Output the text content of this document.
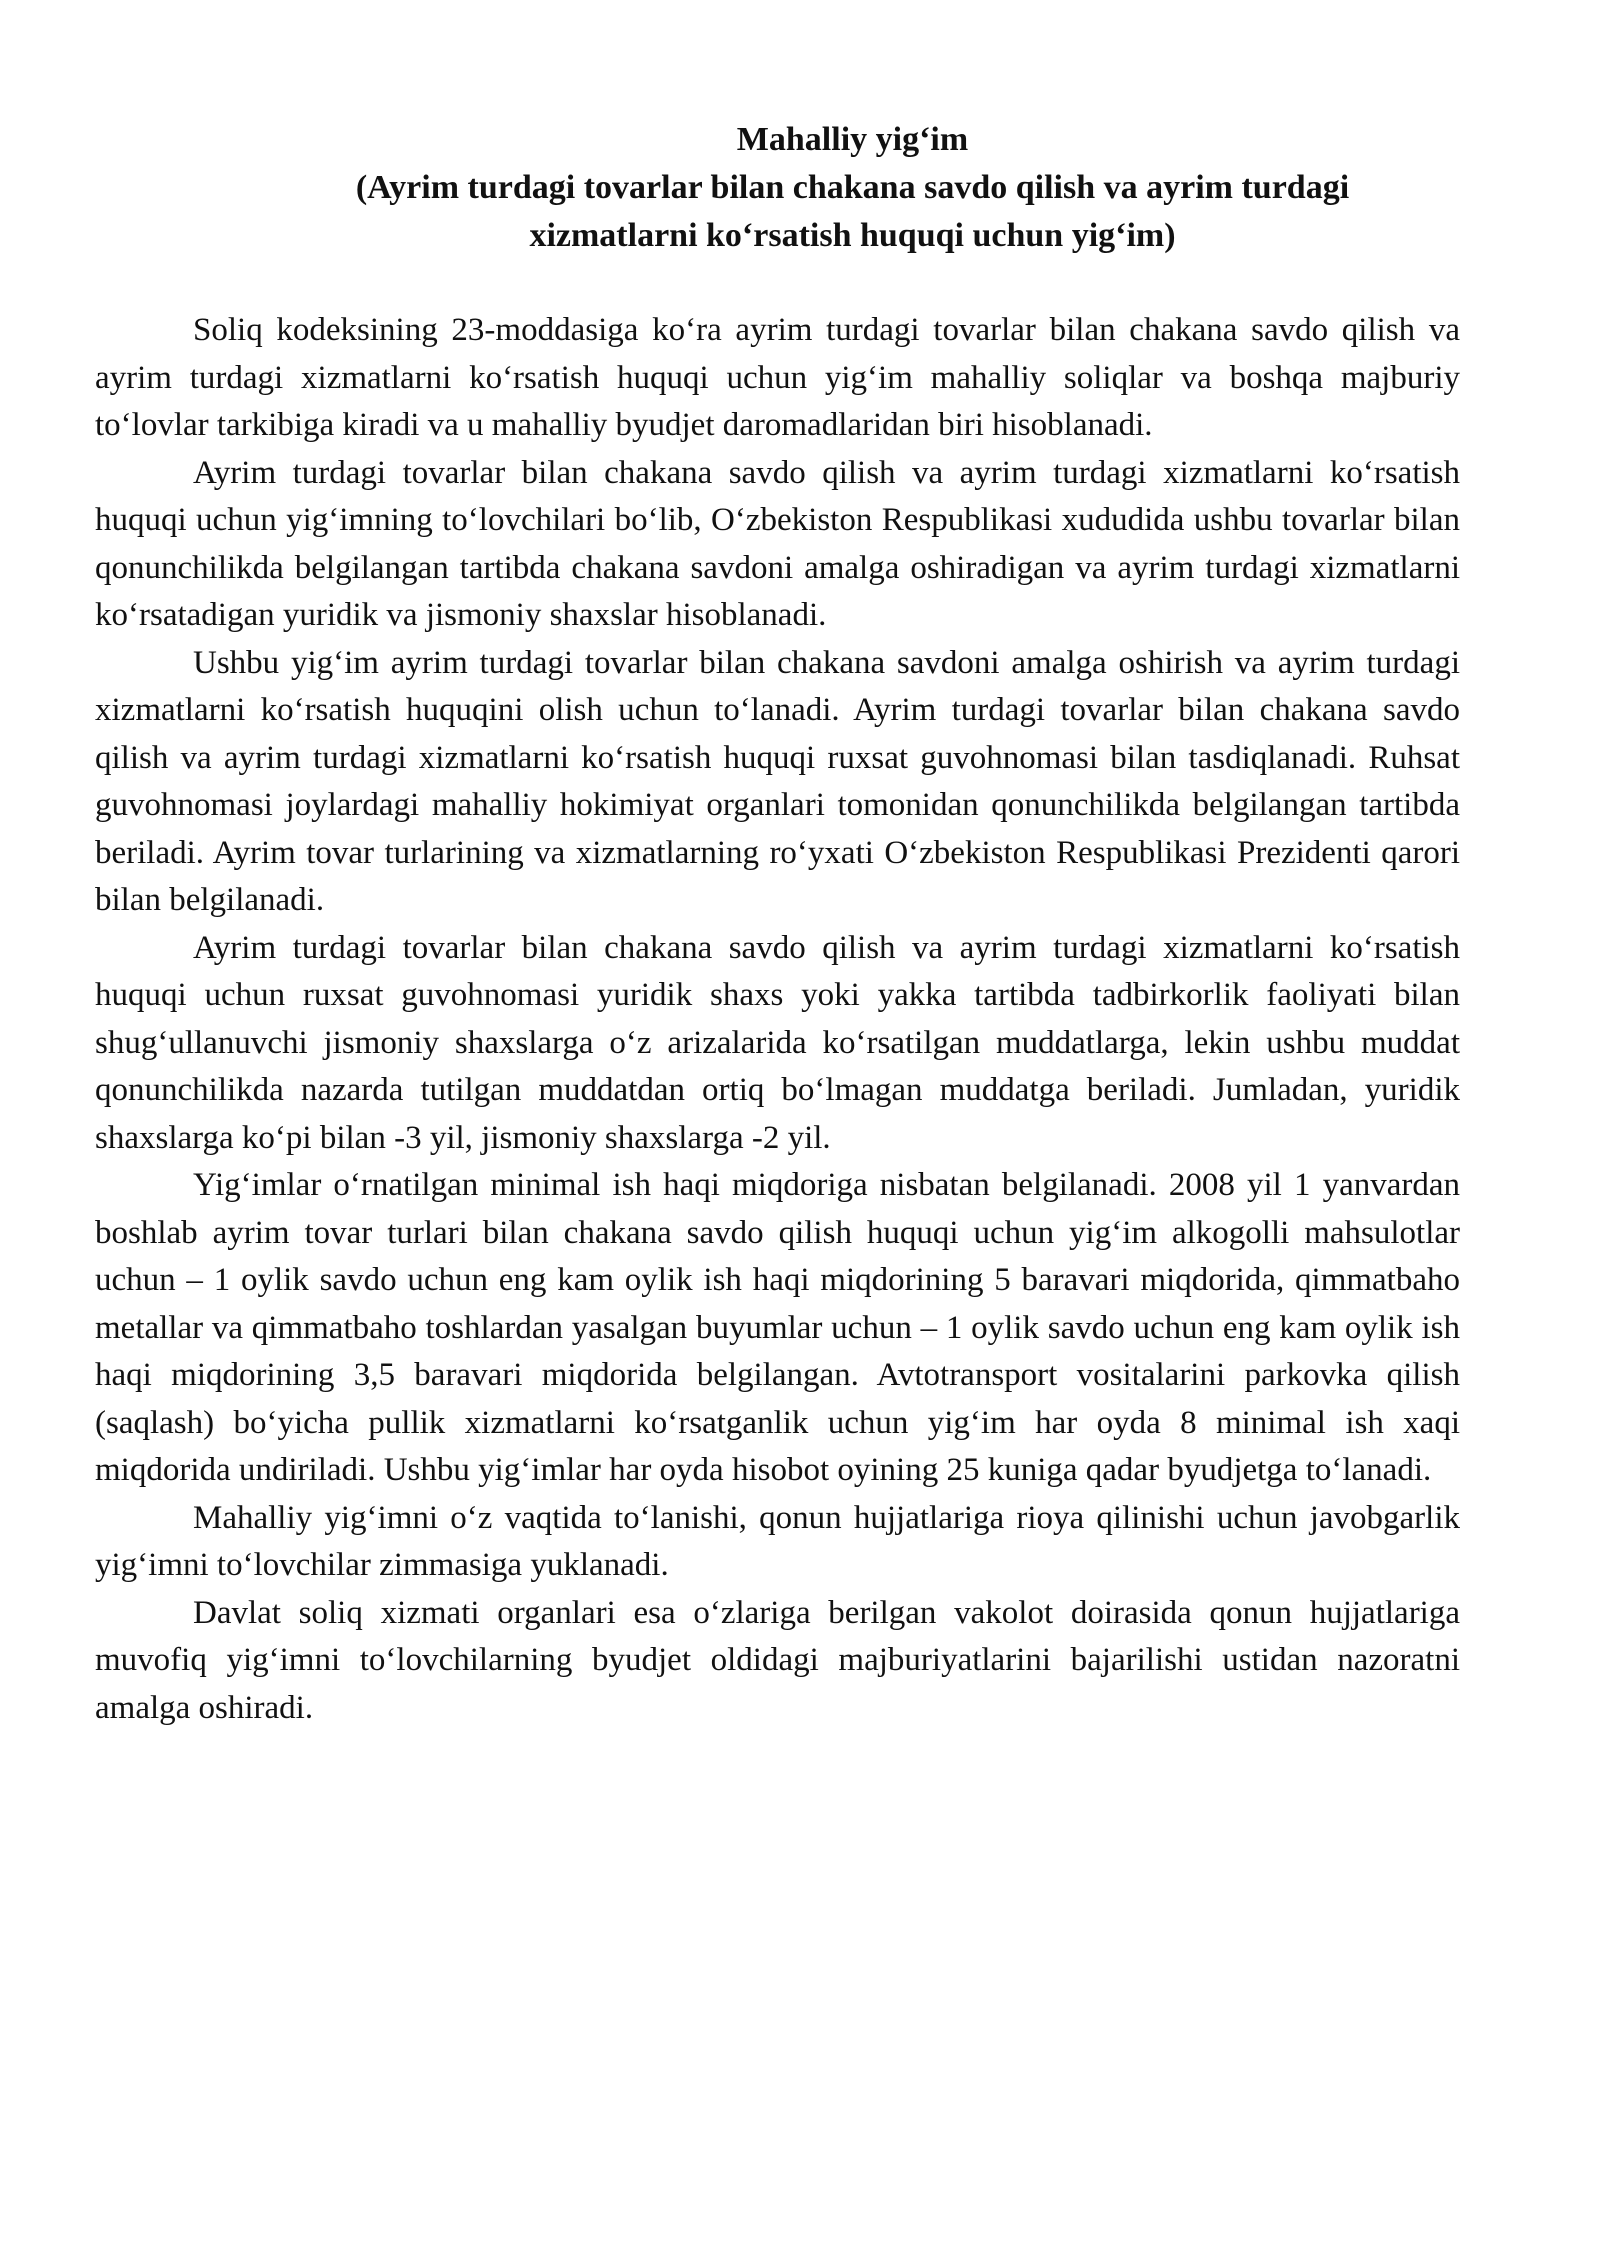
Mahalliy yig‘im
(Ayrim turdagi tovarlar bilan chakana savdo qilish va ayrim turdagi
xizmatlarni ko‘rsatish huquqi uchun yig‘im)

Soliq kodeksining 23-moddasiga ko‘ra ayrim turdagi tovarlar bilan chakana savdo qilish va ayrim turdagi xizmatlarni ko‘rsatish huquqi uchun yig‘im mahalliy soliqlar va boshqa majburiy to‘lovlar tarkibiga kiradi va u mahalliy byudjet daromadlaridan biri hisoblanadi.

Ayrim turdagi tovarlar bilan chakana savdo qilish va ayrim turdagi xizmatlarni ko‘rsatish huquqi uchun yig‘imning to‘lovchilari bo‘lib, O‘zbekiston Respublikasi xududida ushbu tovarlar bilan qonunchilikda belgilangan tartibda chakana savdoni amalga oshiradigan va ayrim turdagi xizmatlarni ko‘rsatadigan yuridik va jismoniy shaxslar hisoblanadi.

Ushbu yig‘im ayrim turdagi tovarlar bilan chakana savdoni amalga oshirish va ayrim turdagi xizmatlarni ko‘rsatish huquqini olish uchun to‘lanadi. Ayrim turdagi tovarlar bilan chakana savdo qilish va ayrim turdagi xizmatlarni ko‘rsatish huquqi ruxsat guvohnomasi bilan tasdiqlanadi. Ruhsat guvohnomasi joylardagi mahalliy hokimiyat organlari tomonidan qonunchilikda belgilangan tartibda beriladi. Ayrim tovar turlarining va xizmatlarning ro‘yxati O‘zbekiston Respublikasi Prezidenti qarori bilan belgilanadi.

Ayrim turdagi tovarlar bilan chakana savdo qilish va ayrim turdagi xizmatlarni ko‘rsatish huquqi uchun ruxsat guvohnomasi yuridik shaxs yoki yakka tartibda tadbirkorlik faoliyati bilan shug‘ullanuvchi jismoniy shaxslarga o‘z arizalarida ko‘rsatilgan muddatlarga, lekin ushbu muddat qonunchilikda nazarda tutilgan muddatdan ortiq bo‘lmagan muddatga beriladi. Jumladan, yuridik shaxslarga ko‘pi bilan -3 yil, jismoniy shaxslarga -2 yil.

Yig‘imlar o‘rnatilgan minimal ish haqi miqdoriga nisbatan belgilanadi. 2008 yil 1 yanvardan boshlab ayrim tovar turlari bilan chakana savdo qilish huquqi uchun yig‘im alkogolli mahsulotlar uchun – 1 oylik savdo uchun eng kam oylik ish haqi miqdorining 5 baravari miqdorida, qimmatbaho metallar va qimmatbaho toshlardan yasalgan buyumlar uchun – 1 oylik savdo uchun eng kam oylik ish haqi miqdorining 3,5 baravari miqdorida belgilangan. Avtotransport vositalarini parkovka qilish (saqlash) bo‘yicha pullik xizmatlarni ko‘rsatganlik uchun yig‘im har oyda 8 minimal ish xaqi miqdorida undiriladi. Ushbu yig‘imlar har oyda hisobot oyining 25 kuniga qadar byudjetga to‘lanadi.

Mahalliy yig‘imni o‘z vaqtida to‘lanishi, qonun hujjatlariga rioya qilinishi uchun javobgarlik yig‘imni to‘lovchilar zimmasiga yuklanadi.

Davlat soliq xizmati organlari esa o‘zlariga berilgan vakolot doirasida qonun hujjatlariga muvofiq yig‘imni to‘lovchilarning byudjet oldidagi majburiyatlarini bajarilishi ustidan nazoratni amalga oshiradi.
